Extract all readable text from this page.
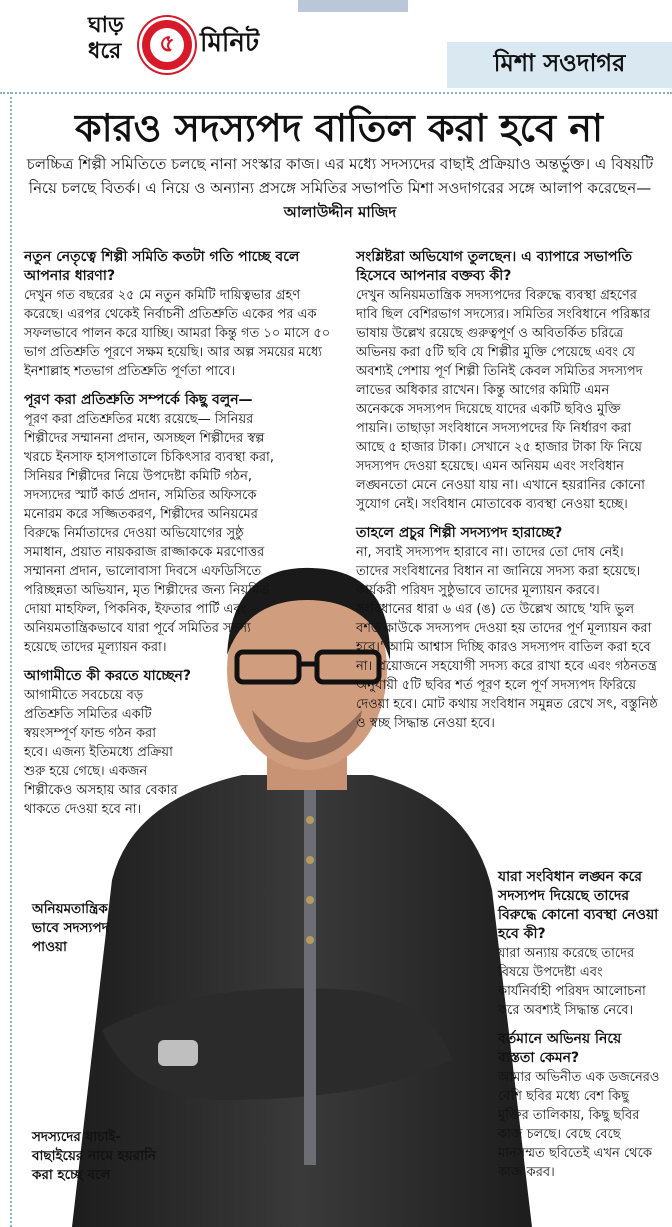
ঘাড়
ধরে	৫ মিনিট
মিশা সওদাগর
কারও সদস্যপদ বাতিল করা হবে না
চলচ্চিত্র শিল্পী সমিতিতে চলছে নানা সংস্কার কাজ। এর মধ্যে সদস্যদের বাছাই প্রক্রিয়াও অন্তর্ভুক্ত। এ বিষয়টি নিয়ে চলছে বিতর্ক। এ নিয়ে ও অন্যান্য প্রসঙ্গে সমিতির সভাপতি মিশা সওদাগরের সঙ্গে আলাপ করেছেন— আলাউদ্দীন মাজিদ

নতুন নেতৃত্বে শিল্পী সমিতি কতটা গতি পাচ্ছে বলে আপনার ধারণা?

দেখুন গত বছরের ২৫ মে নতুন কমিটি দায়িত্বভার গ্রহণ করেছে। এরপর থেকেই নির্বাচনী প্রতিশ্রুতি একের পর এক সফলভাবে পালন করে যাচ্ছি। আমরা কিন্তু গত ১০ মাসে ৫০ ভাগ প্রতিশ্রুতি পূরণে সক্ষম হয়েছি। আর অল্প সময়ের মধ্যে ইনশাল্লাহ শতভাগ প্রতিশ্রুতি পূর্ণতা পাবে।

পূরণ করা প্রতিশ্রুতি সম্পর্কে কিছু বলুন—

পূরণ করা প্রতিশ্রুতির মধ্যে রয়েছে— সিনিয়র শিল্পীদের সম্মাননা প্রদান, অসচ্ছল শিল্পীদের স্বল্প খরচে ইনসাফ হাসপাতালে চিকিৎসার ব্যবস্থা করা, সিনিয়র শিল্পীদের নিয়ে উপদেষ্টা কমিটি গঠন, সদস্যদের স্মার্ট কার্ড প্রদান, সমিতির অফিসকে মনোরম করে সজ্জিতকরণ, শিল্পীদের অনিয়মের বিরুদ্ধে নির্মাতাদের দেওয়া অভিযোগের সুষ্ঠু সমাধান, প্রয়াত নায়করাজ রাজ্জাককে মরণোত্তর সম্মাননা প্রদান, ভালোবাসা দিবসে এফডিসিতে পরিচ্ছন্নতা অভিযান, মৃত শিল্পীদের জন্য নিয়মিত দোয়া মাহফিল, পিকনিক, ইফতার পার্টি এবং অনিয়মতান্ত্রিকভাবে যারা পূর্বে সমিতির সদস্য হয়েছে তাদের মূল্যায়ন করা।

আগামীতে কী করতে যাচ্ছেন?

আগামীতে সবচেয়ে বড় প্রতিশ্রুতি সমিতির একটি স্বয়ংসম্পূর্ণ ফান্ড গঠন করা হবে। এজন্য ইতিমধ্যে প্রক্রিয়া শুরু হয়ে গেছে। একজন শিল্পীকেও অসহায় আর বেকার থাকতে দেওয়া হবে না।

অনিয়মতান্ত্রিক ভাবে সদস্যপদ পাওয়া
সদস্যদের যাচাই-বাছাইয়ের নামে হয়রানি করা হচ্ছে বলে

সংশ্লিষ্টরা অভিযোগ তুলছেন। এ ব্যাপারে সভাপতি হিসেবে আপনার বক্তব্য কী?

দেখুন অনিয়মতান্ত্রিক সদস্যপদের বিরুদ্ধে ব্যবস্থা গ্রহণের দাবি ছিল বেশিরভাগ সদস্যের। সমিতির সংবিধানে পরিষ্কার ভাষায় উল্লেখ রয়েছে গুরুত্বপূর্ণ ও অবিতর্কিত চরিত্রে অভিনয় করা ৫টি ছবি যে শিল্পীর মুক্তি পেয়েছে এবং যে অবশ্যই পেশায় পূর্ণ শিল্পী তিনিই কেবল সমিতির সদস্যপদ লাভের অধিকার রাখেন। কিন্তু আগের কমিটি এমন অনেককে সদস্যপদ দিয়েছে যাদের একটি ছবিও মুক্তি পায়নি। তাছাড়া সংবিধানে সদস্যপদের ফি নির্ধারণ করা আছে ৫ হাজার টাকা। সেখানে ২৫ হাজার টাকা ফি নিয়ে সদস্যপদ দেওয়া হয়েছে। এমন অনিয়ম এবং সংবিধান লঙ্ঘনতো মেনে নেওয়া যায় না। এখানে হয়রানির কোনো সুযোগ নেই। সংবিধান মোতাবেক ব্যবস্থা নেওয়া হচ্ছে।

তাহলে প্রচুর শিল্পী সদস্যপদ হারাচ্ছে?

না, সবাই সদস্যপদ হারাবে না। তাদের তো দোষ নেই। তাদের সংবিধানের বিধান না জানিয়ে সদস্য করা হয়েছে। কার্যকরী পরিষদ সুষ্ঠুভাবে তাদের মূল্যায়ন করবে। সংবিধানের ধারা ৬ এর (ঙ) তে উল্লেখ আছে 'যদি ভুল বশত কাউকে সদস্যপদ দেওয়া হয় তাদের পূর্ণ মূল্যায়ন করা হবে।' আমি আশ্বাস দিচ্ছি কারও সদস্যপদ বাতিল করা হবে না। প্রয়োজনে সহযোগী সদস্য করে রাখা হবে এবং গঠনতন্ত্র অনুযায়ী ৫টি ছবির শর্ত পূরণ হলে পূর্ণ সদস্যপদ ফিরিয়ে দেওয়া হবে। মোট কথায় সংবিধান সমুন্নত রেখে সৎ, বস্তুনিষ্ঠ ও স্বচ্ছ সিদ্ধান্ত নেওয়া হবে।

যারা সংবিধান লঙ্ঘন করে সদস্যপদ দিয়েছে তাদের বিরুদ্ধে কোনো ব্যবস্থা নেওয়া হবে কী?

যারা অন্যায় করেছে তাদের বিষয়ে উপদেষ্টা এবং কার্যনির্বাহী পরিষদ আলোচনা করে অবশ্যই সিদ্ধান্ত নেবে।

বর্তমানে অভিনয় নিয়ে ব্যস্ততা কেমন?

আমার অভিনীত এক ডজনেরও বেশি ছবির মধ্যে বেশ কিছু মুক্তির তালিকায়, কিছু ছবির কাজ চলছে। বেছে বেছে মানসম্মত ছবিতেই এখন থেকে কাজ করব।
